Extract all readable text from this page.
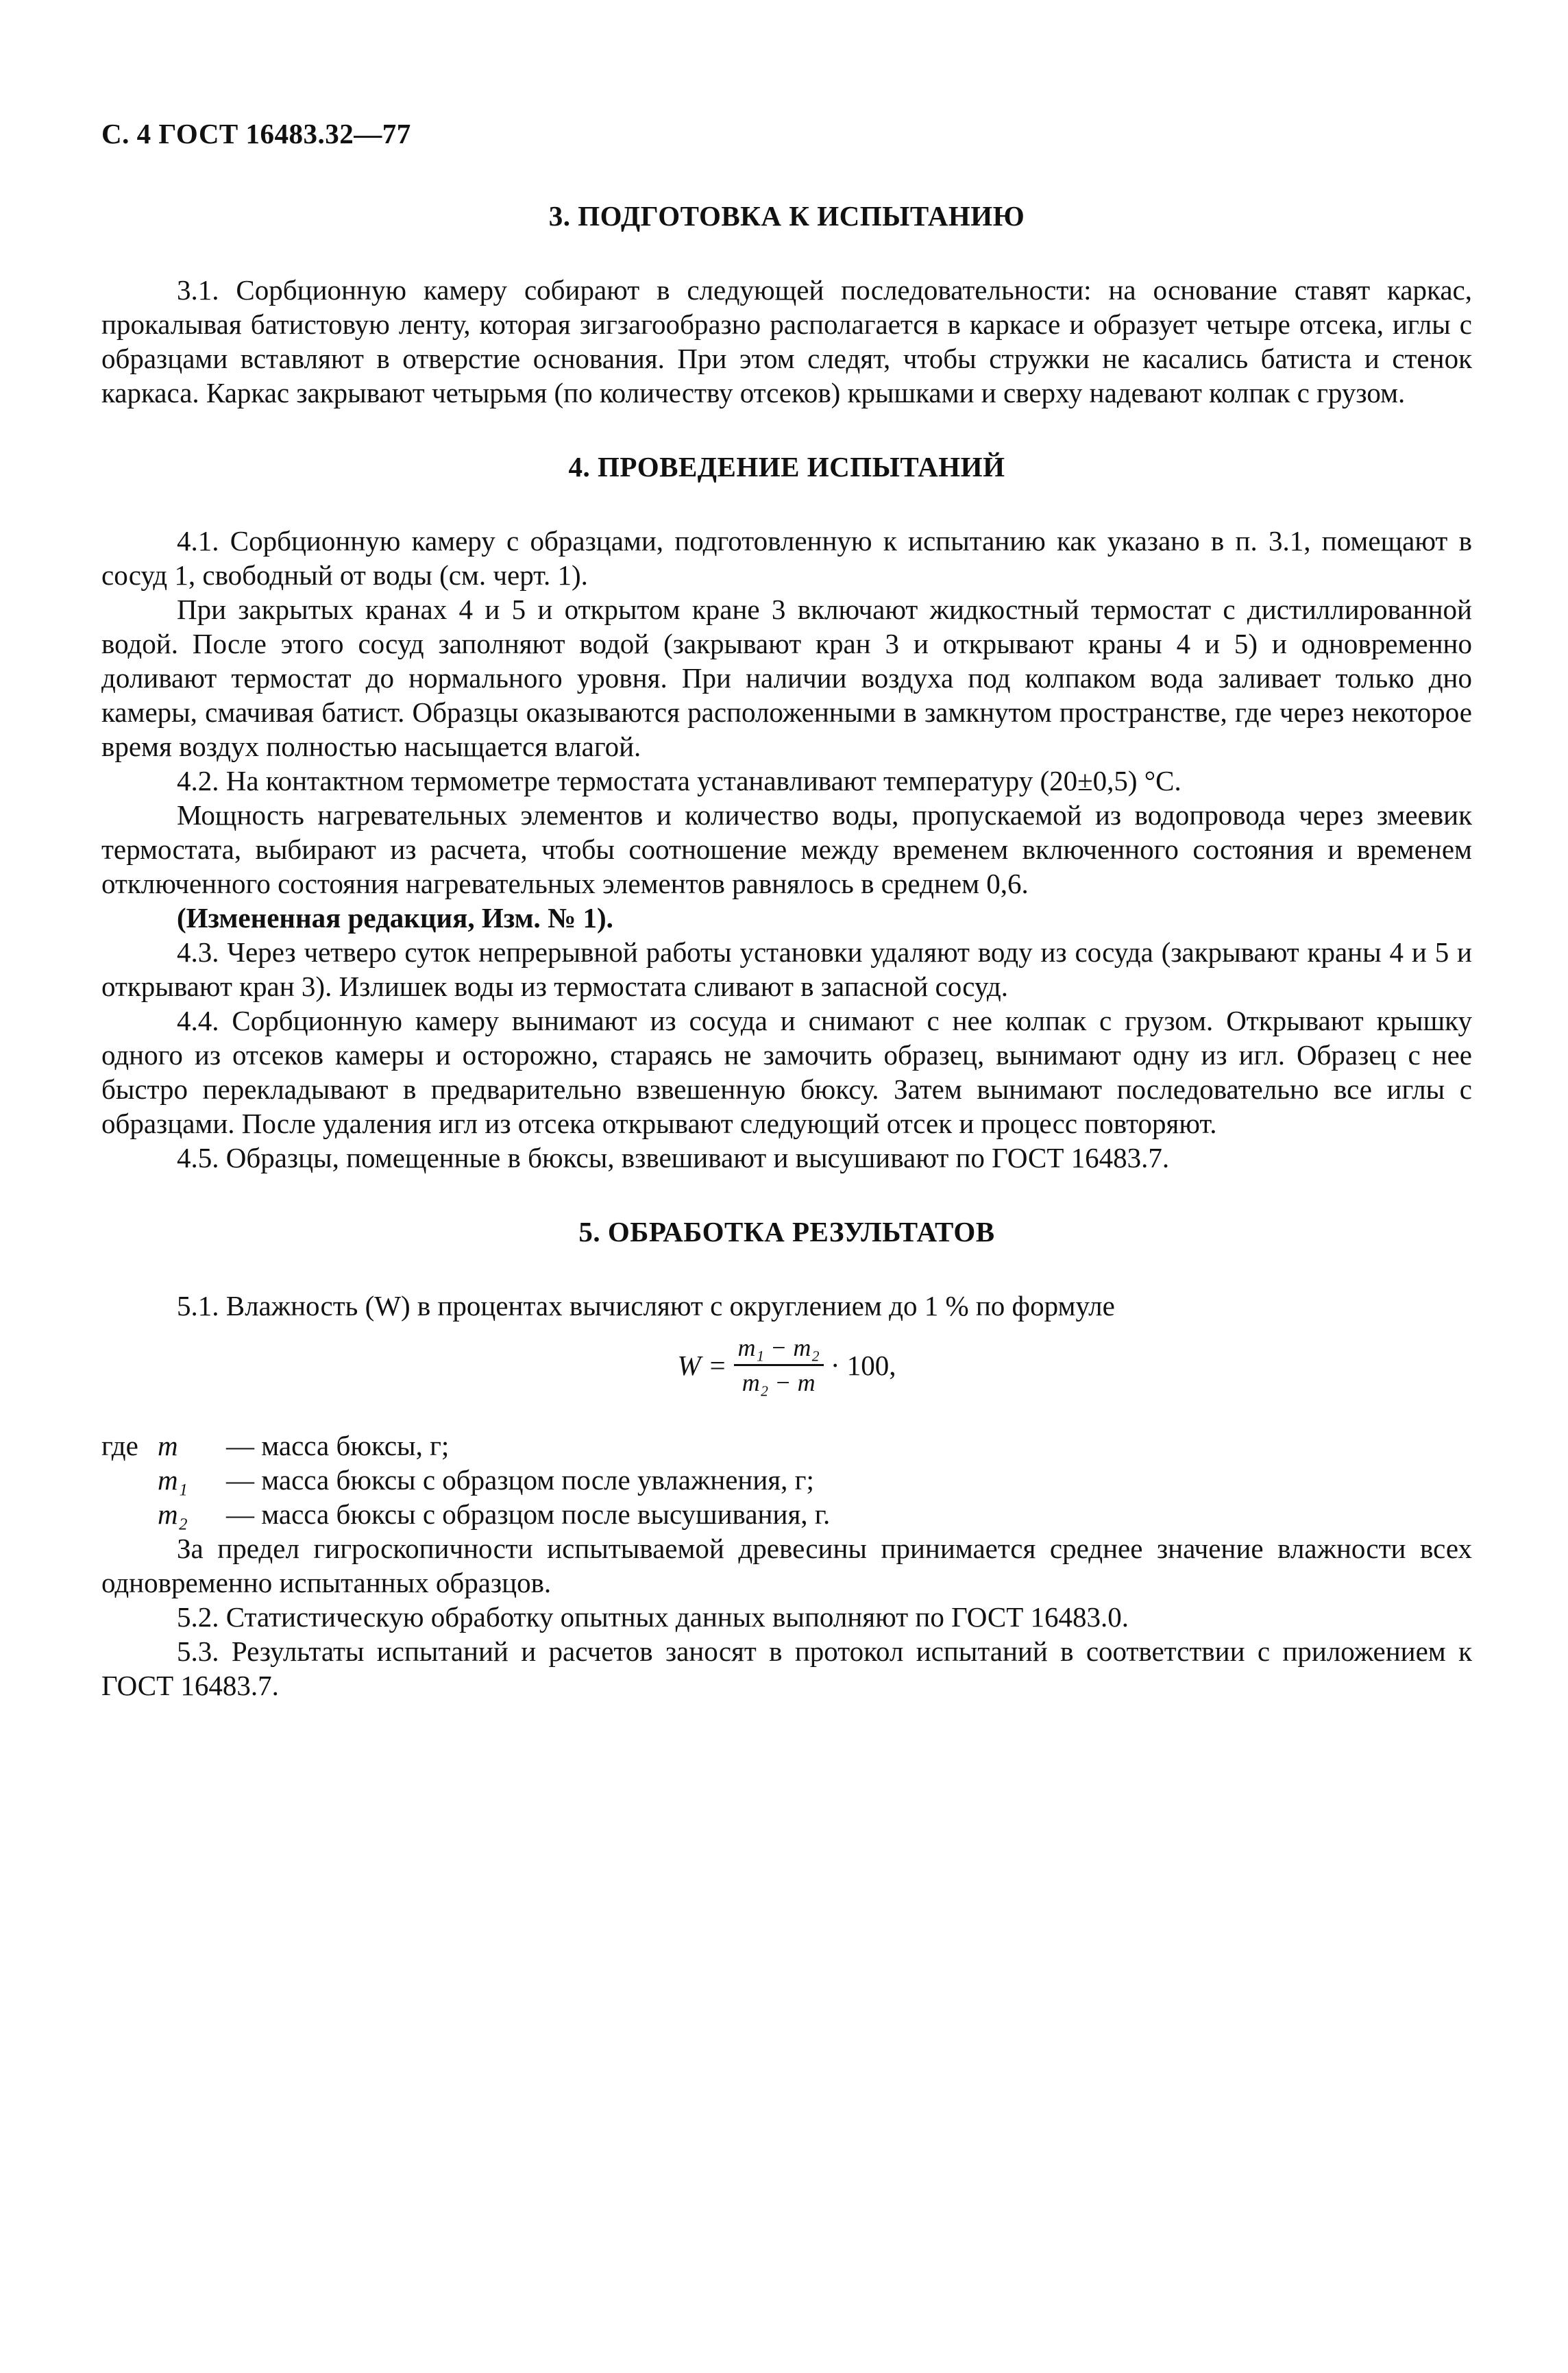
С. 4 ГОСТ 16483.32—77
3. ПОДГОТОВКА К ИСПЫТАНИЮ

3.1. Сорбционную камеру собирают в следующей последовательности: на основание ставят каркас, прокалывая батистовую ленту, которая зигзагообразно располагается в каркасе и образует четыре отсека, иглы с образцами вставляют в отверстие основания. При этом следят, чтобы стружки не касались батиста и стенок каркаса. Каркас закрывают четырьмя (по количеству отсеков) крышками и сверху надевают колпак с грузом.

4. ПРОВЕДЕНИЕ ИСПЫТАНИЙ

4.1. Сорбционную камеру с образцами, подготовленную к испытанию как указано в п. 3.1, помещают в сосуд 1, свободный от воды (см. черт. 1).

При закрытых кранах 4 и 5 и открытом кране 3 включают жидкостный термостат с дистиллированной водой. После этого сосуд заполняют водой (закрывают кран 3 и открывают краны 4 и 5) и одновременно доливают термостат до нормального уровня. При наличии воздуха под колпаком вода заливает только дно камеры, смачивая батист. Образцы оказываются расположенными в замкнутом пространстве, где через некоторое время воздух полностью насыщается влагой.

4.2. На контактном термометре термостата устанавливают температуру (20±0,5) °С.

Мощность нагревательных элементов и количество воды, пропускаемой из водопровода через змеевик термостата, выбирают из расчета, чтобы соотношение между временем включенного состояния и временем отключенного состояния нагревательных элементов равнялось в среднем 0,6.

(Измененная редакция, Изм. № 1).

4.3. Через четверо суток непрерывной работы установки удаляют воду из сосуда (закрывают краны 4 и 5 и открывают кран 3). Излишек воды из термостата сливают в запасной сосуд.

4.4. Сорбционную камеру вынимают из сосуда и снимают с нее колпак с грузом. Открывают крышку одного из отсеков камеры и осторожно, стараясь не замочить образец, вынимают одну из игл. Образец с нее быстро перекладывают в предварительно взвешенную бюксу. Затем вынимают последовательно все иглы с образцами. После удаления игл из отсека открывают следующий отсек и процесс повторяют.

4.5. Образцы, помещенные в бюксы, взвешивают и высушивают по ГОСТ 16483.7.

5. ОБРАБОТКА РЕЗУЛЬТАТОВ

5.1. Влажность (W) в процентах вычисляют с округлением до 1 % по формуле

$W = \frac{\text{m₁ − m₂}}{\text{m₂ − m}} \cdot 100$,
где m	— масса бюксы, г;
m₁	— масса бюксы с образцом после увлажнения, г;
m₂	— масса бюксы с образцом после высушивания, г.

За предел гигроскопичности испытываемой древесины принимается среднее значение влажности всех одновременно испытанных образцов.

5.2. Статистическую обработку опытных данных выполняют по ГОСТ 16483.0.

5.3. Результаты испытаний и расчетов заносят в протокол испытаний в соответствии с приложением к ГОСТ 16483.7.
